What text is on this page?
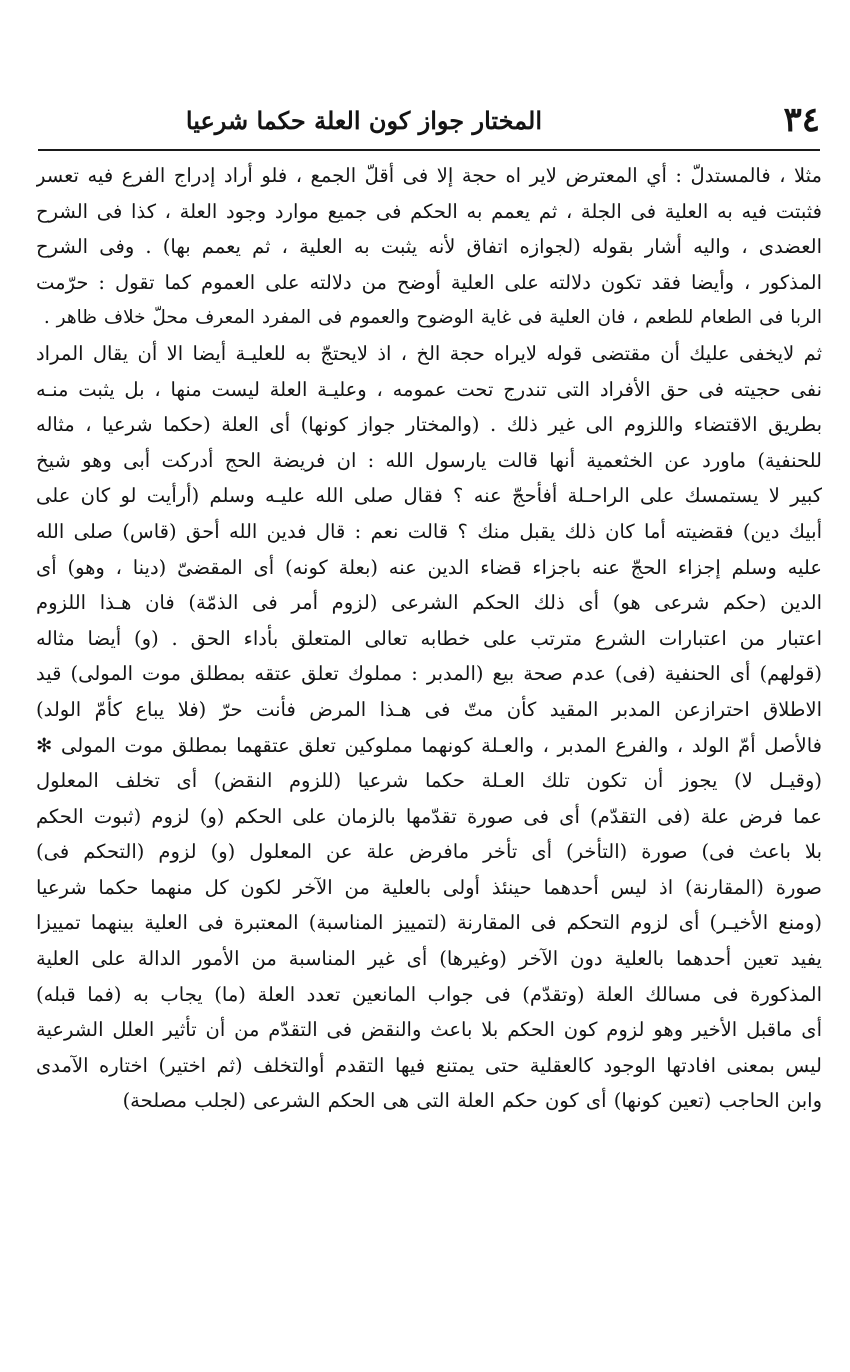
٣٤
المختار جواز كون العلة حكما شرعيا
مثلا ، فالمستدلّ : أي المعترض لاير اه حجة إلا فى أقلّ الجمع ، فلو أراد إدراج الفرع فيه تعسر
فثبتت فيه به العلية فى الجلة ، ثم يعمم به الحكم فى جميع موارد وجود العلة ، كذا فى الشرح
العضدى ، واليه أشار بقوله (لجوازه اتفاق لأنه يثبت به العلية ، ثم يعمم بها) . وفى الشرح
المذكور ، وأيضا فقد تكون دلالته على العلية أوضح من دلالته على العموم كما تقول : حرّمت
الربا فى الطعام للطعم ، فان العلية فى غاية الوضوح والعموم فى المفرد المعرف محلّ خلاف ظاهر .
ثم لايخفى عليك أن مقتضى قوله لايراه حجة الخ ، اذ لايحتجّ به للعليـة أيضا الا أن يقال المراد
نفى حجيته فى حق الأفراد التى تندرج تحت عمومه ، وعليـة العلة ليست منها ، بل يثبت منـه
بطريق الاقتضاء واللزوم الى غير ذلك . (والمختار جواز كونها) أى العلة (حكما شرعيا ، مثاله
للحنفية) ماورد عن الخثعمية أنها قالت يارسول الله : ان فريضة الحج أدركت أبى وهو شيخ
كبير لا يستمسك على الراحـلة أفأحجّ عنه ؟ فقال صلى الله عليـه وسلم (أرأيت لو كان على
أبيك دين) فقضيته أما كان ذلك يقبل منك ؟ قالت نعم : قال فدين الله أحق (قاس) صلى الله
عليه وسلم إجزاء الحجّ عنه باجزاء قضاء الدين عنه (بعلة كونه) أى المقضىّ (دينا ، وهو) أى
الدين (حكم شرعى هو) أى ذلك الحكم الشرعى (لزوم أمر فى الذمّة) فان هـذا اللزوم
اعتبار من اعتبارات الشرع مترتب على خطابه تعالى المتعلق بأداء الحق . (و) أيضا مثاله
(قولهم) أى الحنفية (فى) عدم صحة بيع (المدبر : مملوك تعلق عتقه بمطلق موت المولى) قيد
الاطلاق احترازعن المدبر المقيد كأن متّ فى هـذا المرض فأنت حرّ (فلا يباع كأمّ الولد)
فالأصل أمّ الولد ، والفرع المدبر ، والعـلة كونهما مملوكين تعلق عتقهما بمطلق موت المولى ✻
(وقيـل لا) يجوز أن تكون تلك العـلة حكما شرعيا (للزوم النقض) أى تخلف المعلول
عما فرض علة (فى التقدّم) أى فى صورة تقدّمها بالزمان على الحكم (و) لزوم (ثبوت الحكم
بلا باعث فى) صورة (التأخر) أى تأخر مافرض علة عن المعلول (و) لزوم (التحكم فى)
صورة (المقارنة) اذ ليس أحدهما حينئذ أولى بالعلية من الآخر لكون كل منهما حكما شرعيا
(ومنع الأخيـر) أى لزوم التحكم فى المقارنة (لتمييز المناسبة) المعتبرة فى العلية بينهما تمييزا
يفيد تعين أحدهما بالعلية دون الآخر (وغيرها) أى غير المناسبة من الأمور الدالة على العلية
المذكورة فى مسالك العلة (وتقدّم) فى جواب المانعين تعدد العلة (ما) يجاب به (فما قبله)
أى ماقبل الأخير وهو لزوم كون الحكم بلا باعث والنقض فى التقدّم من أن تأثير العلل الشرعية
ليس بمعنى افادتها الوجود كالعقلية حتى يمتنع فيها التقدم أوالتخلف (ثم اختير) اختاره الآمدى
وابن الحاجب (تعين كونها) أى كون حكم العلة التى هى الحكم الشرعى (لجلب مصلحة)
